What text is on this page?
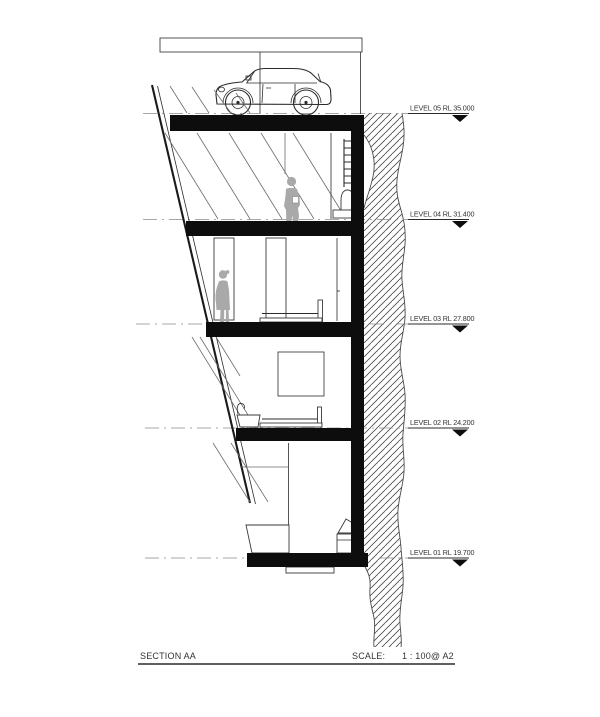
LEVEL 05 RL 35.000
LEVEL 04 RL 31.400
LEVEL 03 RL 27.800
LEVEL 02 RL 24.200
LEVEL 01 RL 19.700
SECTION AA	SCALE: 1 : 100@ A2
